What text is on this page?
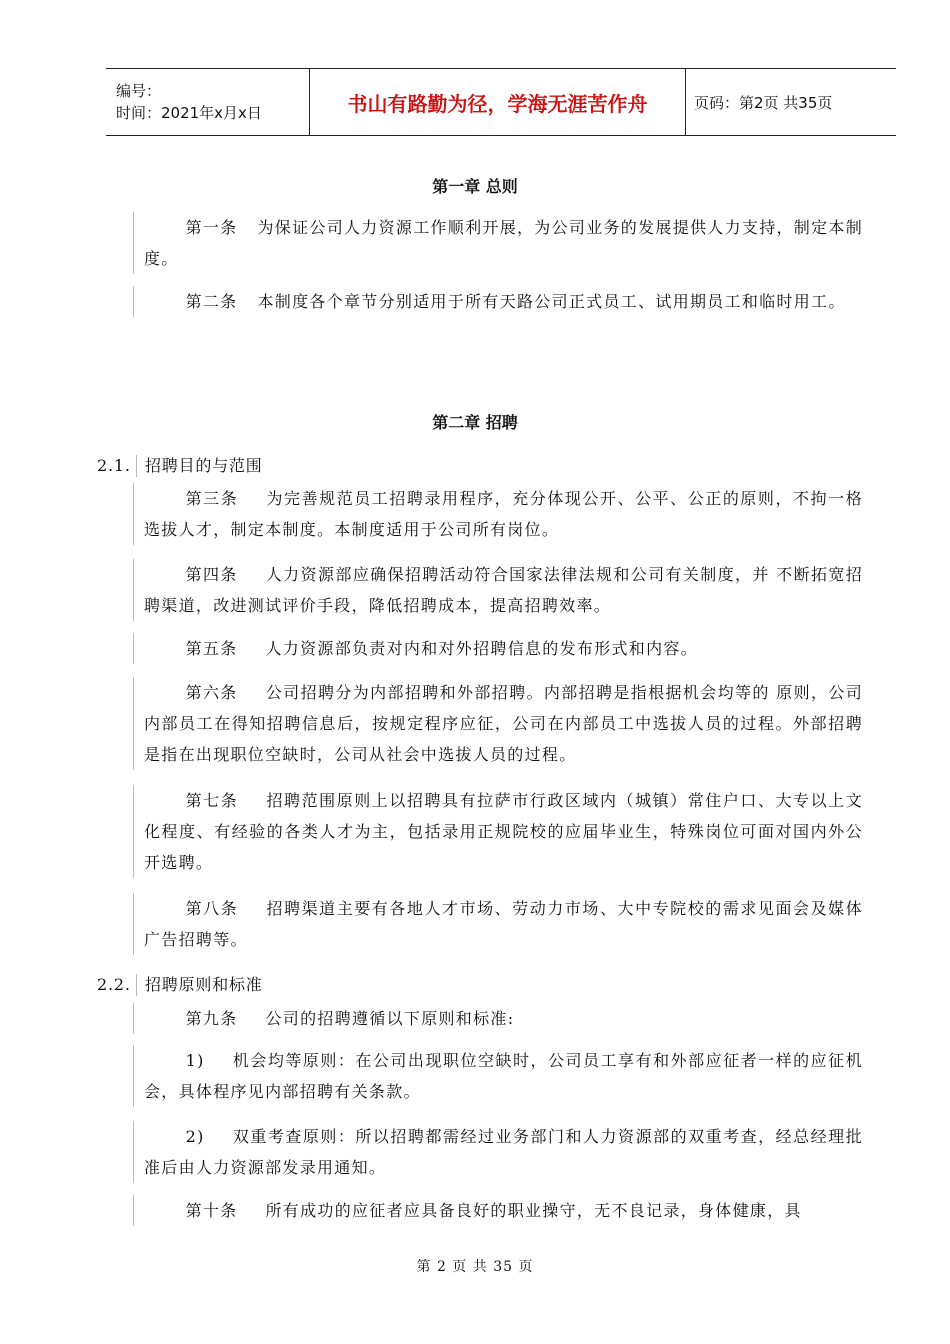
编号：
时间：2021年x月x日	书山有路勤为径，学海无涯苦作舟	页码：第2页 共35页
第一章 总则

第一条 为保证公司人力资源工作顺利开展，为公司业务的发展提供人力支持，制定本制度。

第二条 本制度各个章节分别适用于所有天路公司正式员工、试用期员工和临时用工。

第二章 招聘
2.1. 招聘目的与范围

第三条 为完善规范员工招聘录用程序，充分体现公开、公平、公正的原则，不拘一格选拔人才，制定本制度。本制度适用于公司所有岗位。

第四条 人力资源部应确保招聘活动符合国家法律法规和公司有关制度，并 不断拓宽招聘渠道，改进测试评价手段，降低招聘成本，提高招聘效率。

第五条 人力资源部负责对内和对外招聘信息的发布形式和内容。

第六条 公司招聘分为内部招聘和外部招聘。内部招聘是指根据机会均等的 原则，公司内部员工在得知招聘信息后，按规定程序应征，公司在内部员工中选拔人员的过程。外部招聘是指在出现职位空缺时，公司从社会中选拔人员的过程。

第七条 招聘范围原则上以招聘具有拉萨市行政区域内（城镇）常住户口、大专以上文化程度、有经验的各类人才为主，包括录用正规院校的应届毕业生，特殊岗位可面对国内外公开选聘。

第八条 招聘渠道主要有各地人才市场、劳动力市场、大中专院校的需求见面会及媒体广告招聘等。

2.2. 招聘原则和标准

第九条 公司的招聘遵循以下原则和标准:

1) 机会均等原则：在公司出现职位空缺时，公司员工享有和外部应征者一样的应征机会，具体程序见内部招聘有关条款。

2) 双重考查原则：所以招聘都需经过业务部门和人力资源部的双重考查，经总经理批准后由人力资源部发录用通知。

第十条 所有成功的应征者应具备良好的职业操守，无不良记录，身体健康，具

第 2 页 共 35 页
